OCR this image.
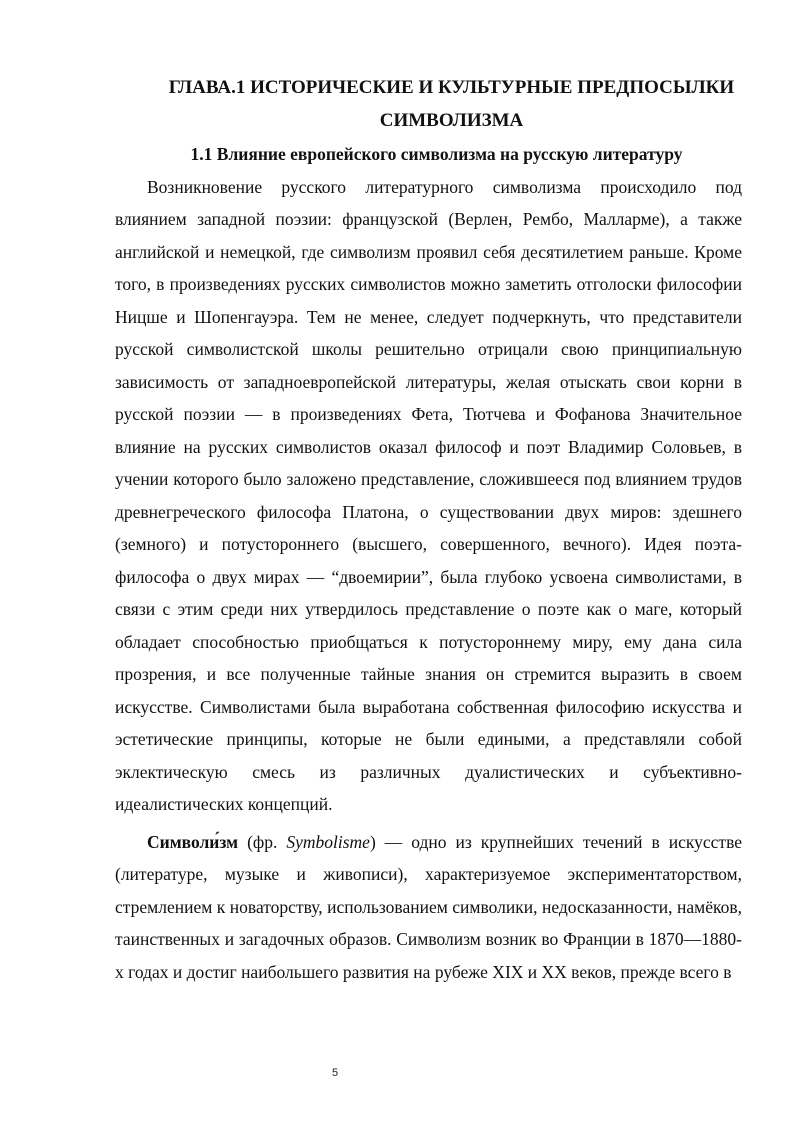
ГЛАВА.1 ИСТОРИЧЕСКИЕ И КУЛЬТУРНЫЕ ПРЕДПОСЫЛКИ СИМВОЛИЗМА
1.1 Влияние европейского символизма на русскую литературу

Возникновение русского литературного символизма происходило под влиянием западной поэзии: французской (Верлен, Рембо, Малларме), а также английской и немецкой, где символизм проявил себя десятилетием раньше. Кроме того, в произведениях русских символистов можно заметить отголоски философии Ницше и Шопенгауэра. Тем не менее, следует подчеркнуть, что представители русской символистской школы решительно отрицали свою принципиальную зависимость от западноевропейской литературы, желая отыскать свои корни в русской поэзии — в произведениях Фета, Тютчева и Фофанова Значительное влияние на русских символистов оказал философ и поэт Владимир Соловьев, в учении которого было заложено представление, сложившееся под влиянием трудов древнегреческого философа Платона, о существовании двух миров: здешнего (земного) и потустороннего (высшего, совершенного, вечного). Идея поэта-философа о двух мирах — “двоемирии”, была глубоко усвоена символистами, в связи с этим среди них утвердилось представление о поэте как о маге, который обладает способностью приобщаться к потустороннему миру, ему дана сила прозрения, и все полученные тайные знания он стремится выразить в своем искусстве. Символистами была выработана собственная философию искусства и эстетические принципы, которые не были едиными, а представляли собой эклектическую смесь из различных дуалистических и субъективно-идеалистических концепций.

Символи́зм (фр. Symbolisme) — одно из крупнейших течений в искусстве (литературе, музыке и живописи), характеризуемое экспериментаторством, стремлением к новаторству, использованием символики, недосказанности, намёков, таинственных и загадочных образов. Символизм возник во Франции в 1870—1880-х годах и достиг наибольшего развития на рубеже XIX и XX веков, прежде всего в

5
